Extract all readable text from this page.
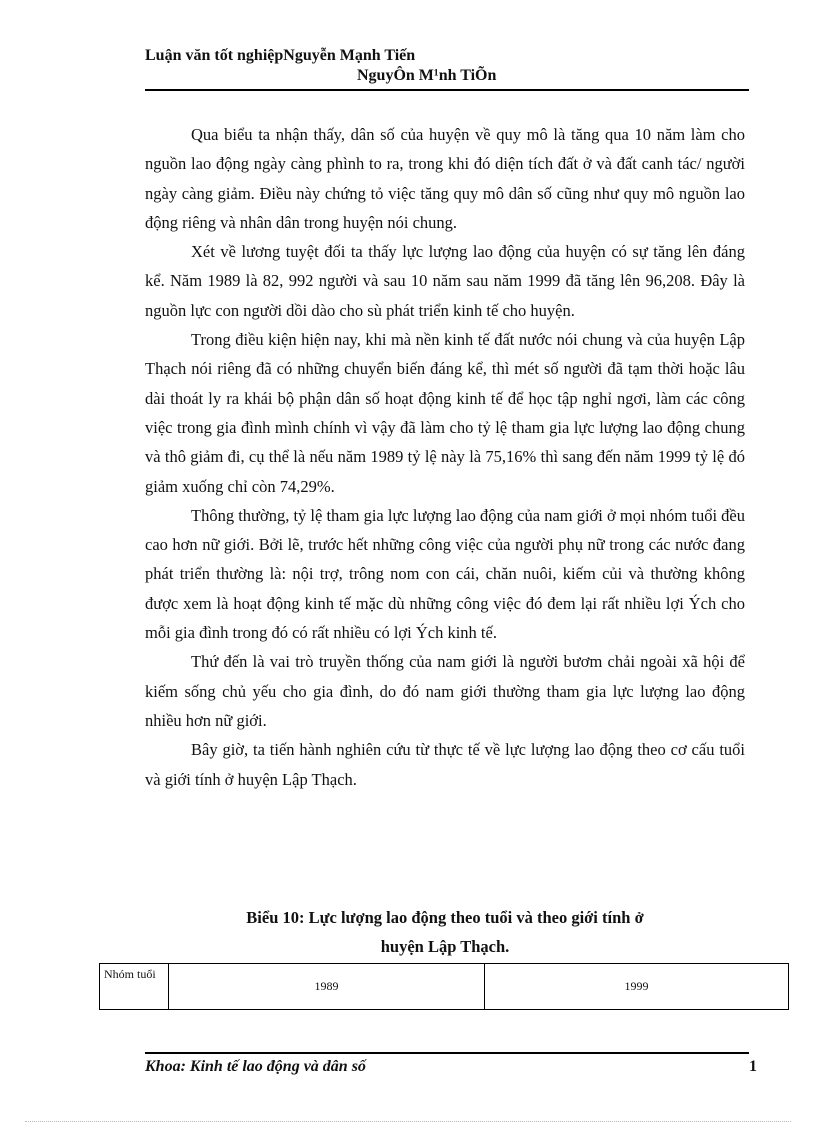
Luận văn tốt nghiệpNguyễn Mạnh Tiến
NguyÔn M¹nh TiÕn

Qua biểu ta nhận thấy, dân số của huyện về quy mô là tăng qua 10 năm làm cho nguồn lao động ngày càng phình to ra, trong khi đó diện tích đất ở và đất canh tác/ người ngày càng giảm. Điều này chứng tỏ việc tăng quy mô dân số cũng như quy mô nguồn lao động riêng và nhân dân trong huyện nói chung.

Xét về lương tuyệt đối ta thấy lực lượng lao động của huyện có sự tăng lên đáng kể. Năm 1989 là 82, 992 người và sau 10 năm sau năm 1999 đã tăng lên 96,208. Đây là nguồn lực con người dồi dào cho sù phát triển kinh tế cho huyện.

Trong điều kiện hiện nay, khi mà nền kinh tế đất nước nói chung và của huyện Lập Thạch nói riêng đã có những chuyển biến đáng kể, thì mét số người đã tạm thời hoặc lâu dài thoát ly ra khái bộ phận dân số hoạt động kinh tế để học tập nghỉ ngơi, làm các công việc trong gia đình mình chính vì vậy đã làm cho tỷ lệ tham gia lực lượng lao động chung và thô giảm đi, cụ thể là nếu năm 1989 tỷ lệ này là 75,16% thì sang đến năm 1999 tỷ lệ đó giảm xuống chỉ còn 74,29%.

Thông thường, tỷ lệ tham gia lực lượng lao động của nam giới ở mọi nhóm tuổi đều cao hơn nữ giới. Bởi lẽ, trước hết những công việc của người phụ nữ trong các nước đang phát triển thường là: nội trợ, trông nom con cái, chăn nuôi, kiếm củi và thường không được xem là hoạt động kinh tế mặc dù những công việc đó đem lại rất nhiều lợi Ých cho mỗi gia đình trong đó có rất nhiều có lợi Ých kinh tế.

Thứ đến là vai trò truyền thống của nam giới là người bươm chải ngoài xã hội để kiếm sống chủ yếu cho gia đình, do đó nam giới thường tham gia lực lượng lao động nhiều hơn nữ giới.

Bây giờ, ta tiến hành nghiên cứu từ thực tế về lực lượng lao động theo cơ cấu tuổi và giới tính ở huyện Lập Thạch.

Biểu 10: Lực lượng lao động theo tuổi và theo giới tính ở
huyện Lập Thạch.
Nhóm tuổi	1989	1999
Khoa: Kinh tế lao động và dân số	1
